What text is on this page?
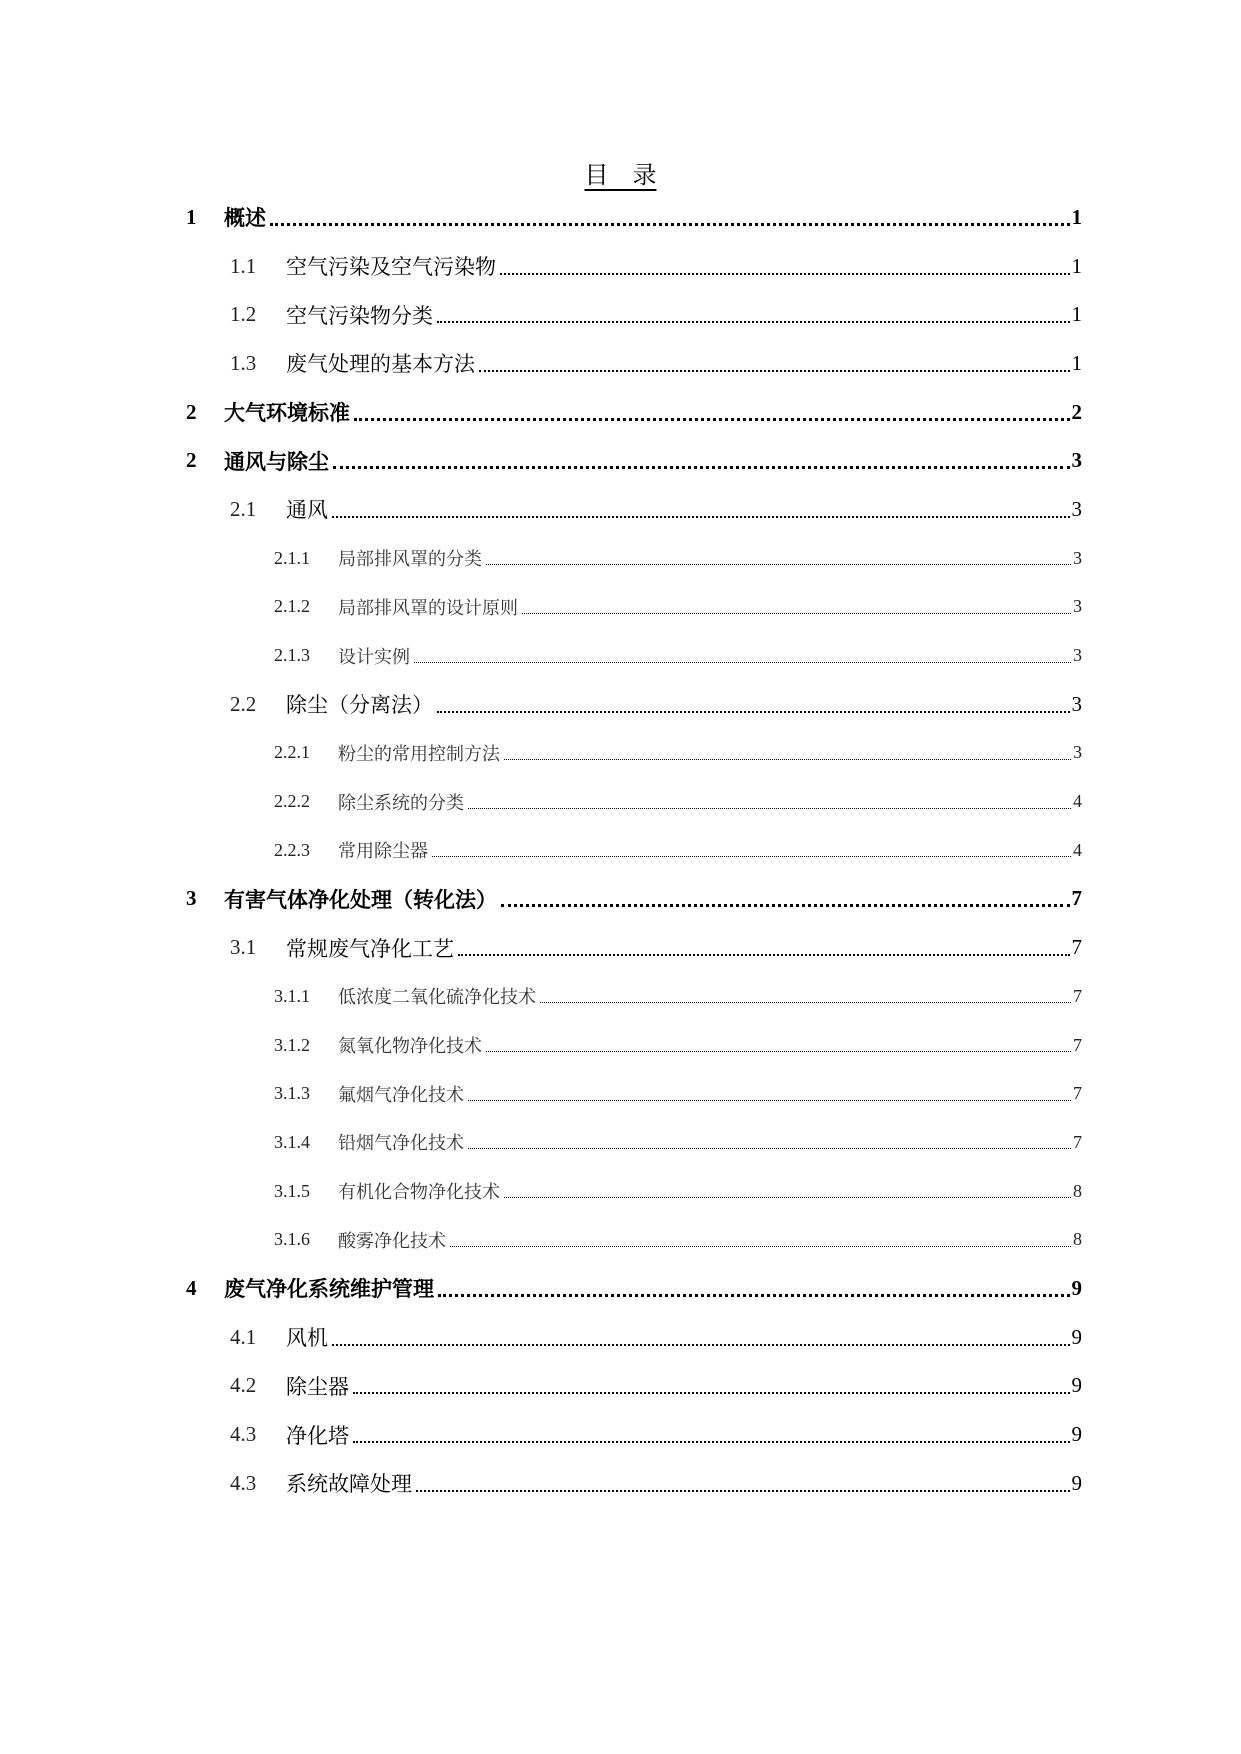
目　录
1	概述	1
1.1	空气污染及空气污染物	1
1.2	空气污染物分类	1
1.3	废气处理的基本方法	1
2	大气环境标准	2
2	通风与除尘	3
2.1	通风	3
2.1.1	局部排风罩的分类	3
2.1.2	局部排风罩的设计原则	3
2.1.3	设计实例	3
2.2	除尘（分离法）	3
2.2.1	粉尘的常用控制方法	3
2.2.2	除尘系统的分类	4
2.2.3	常用除尘器	4
3	有害气体净化处理（转化法）	7
3.1	常规废气净化工艺	7
3.1.1	低浓度二氧化硫净化技术	7
3.1.2	氮氧化物净化技术	7
3.1.3	氟烟气净化技术	7
3.1.4	铅烟气净化技术	7
3.1.5	有机化合物净化技术	8
3.1.6	酸雾净化技术	8
4	废气净化系统维护管理	9
4.1	风机	9
4.2	除尘器	9
4.3	净化塔	9
4.3	系统故障处理	9
